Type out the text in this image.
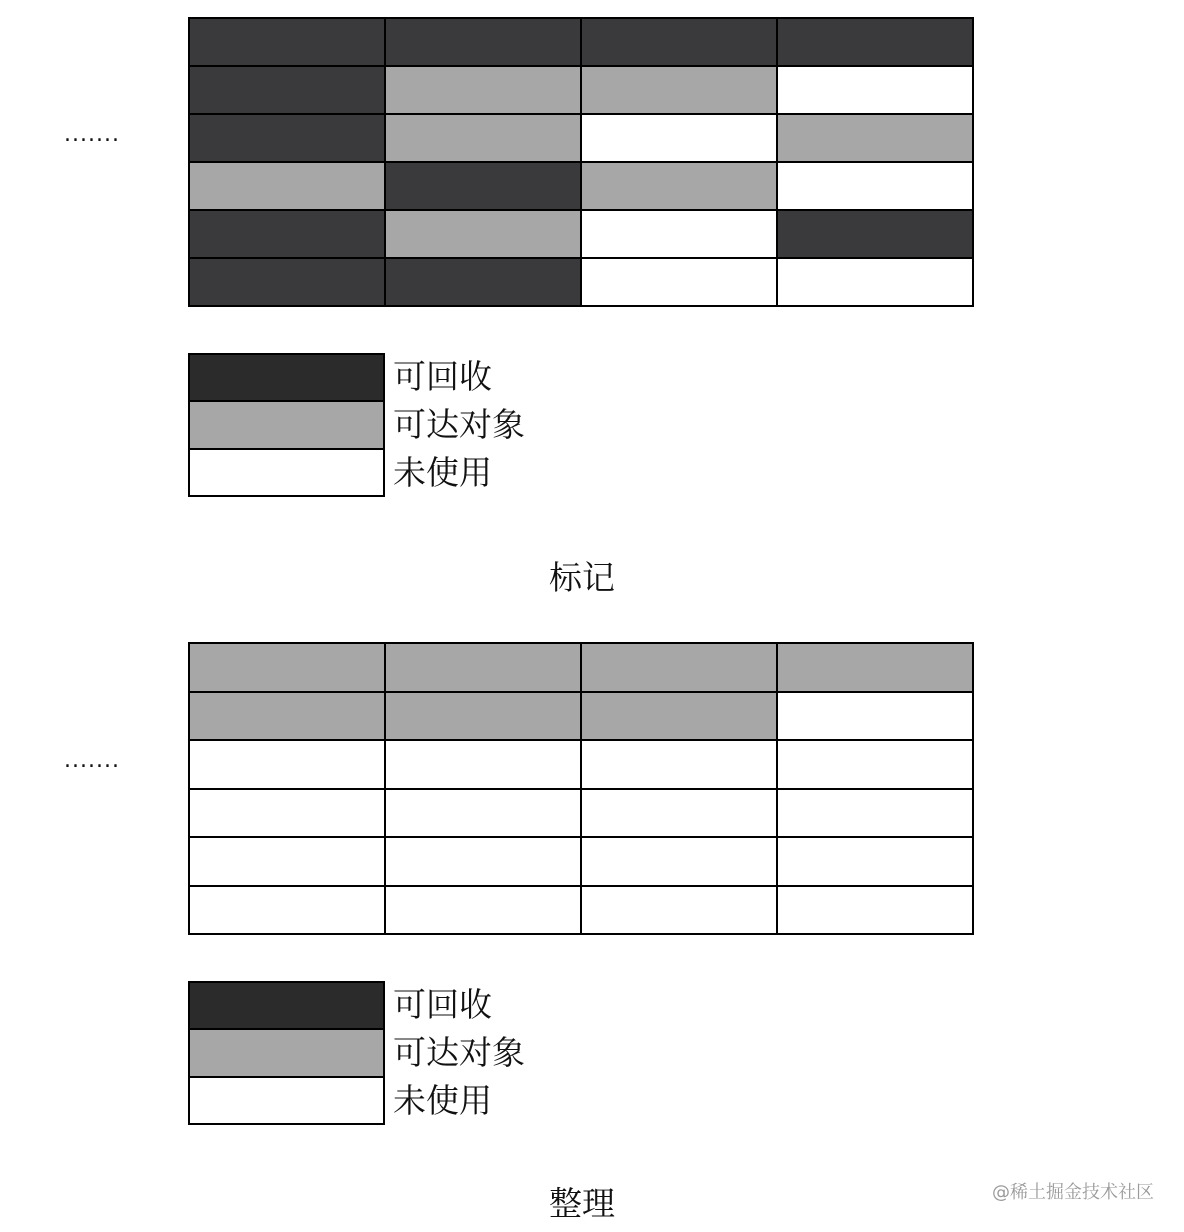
.......
可回收
可达对象
未使用
标记
.......
可回收
可达对象
未使用
整理	@稀土掘金技术社区
